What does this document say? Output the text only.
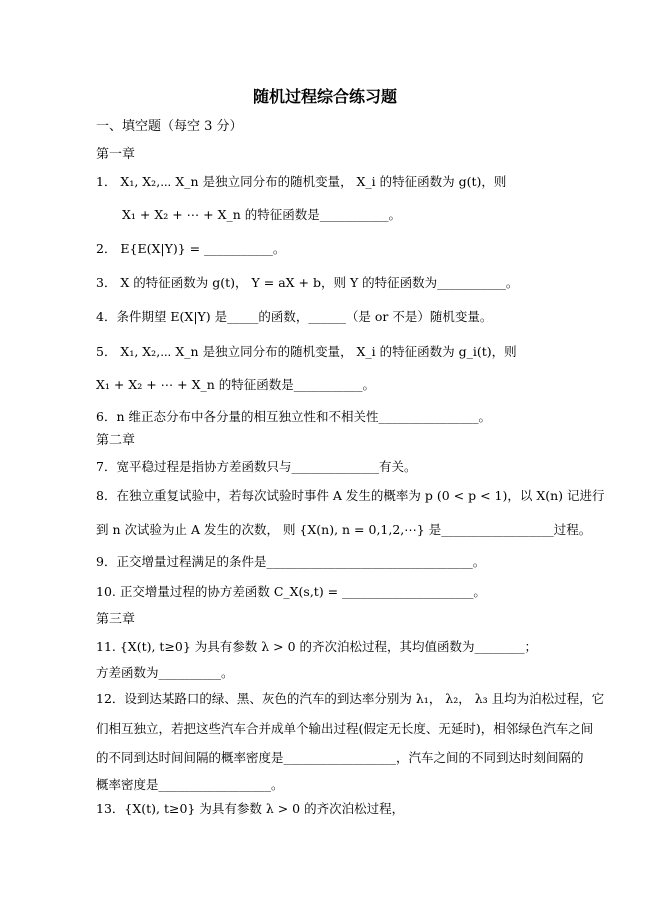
随机过程综合练习题
一、填空题（每空 3 分）
第一章
1． X₁, X₂,⋯ X_n 是独立同分布的随机变量， X_i 的特征函数为 g(t)，则
X₁ + X₂ + ⋯ + X_n 的特征函数是___________。
2． E{E(X|Y)} = ___________。
3． X 的特征函数为 g(t)， Y = aX + b，则 Y 的特征函数为___________。
4．条件期望 E(X|Y) 是_____的函数，______（是 or 不是）随机变量。
5． X₁, X₂,⋯ X_n 是独立同分布的随机变量， X_i 的特征函数为 g_i(t)，则
X₁ + X₂ + ⋯ + X_n 的特征函数是___________。
6．n 维正态分布中各分量的相互独立性和不相关性________________。
第二章
7．宽平稳过程是指协方差函数只与______________有关。
8．在独立重复试验中，若每次试验时事件 A 发生的概率为 p (0 < p < 1)，以 X(n) 记进行
到 n 次试验为止 A 发生的次数， 则 {X(n), n = 0,1,2,⋯} 是__________________过程。
9．正交增量过程满足的条件是_________________________________。
10. 正交增量过程的协方差函数 C_X(s,t) = _____________________。
第三章
11. {X(t), t≥0} 为具有参数 λ > 0 的齐次泊松过程，其均值函数为________；
方差函数为__________。
12．设到达某路口的绿、黑、灰色的汽车的到达率分别为 λ₁， λ₂， λ₃ 且均为泊松过程，它
们相互独立，若把这些汽车合并成单个输出过程(假定无长度、无延时)，相邻绿色汽车之间
的不同到达时间间隔的概率密度是__________________，汽车之间的不同到达时刻间隔的
概率密度是__________________。
13．{X(t), t≥0} 为具有参数 λ > 0 的齐次泊松过程，
